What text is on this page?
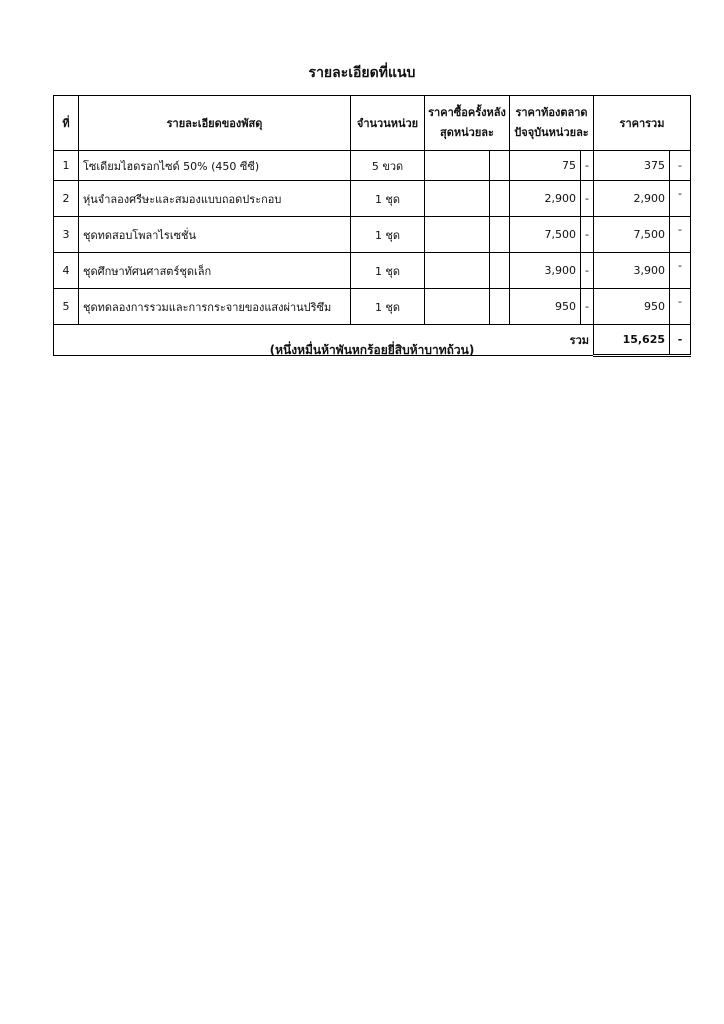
รายละเอียดที่แนบ
ที่	รายละเอียดของพัสดุ	จำนวนหน่วย	ราคาซื้อครั้งหลังสุดหน่วยละ		ราคาท้องตลาดปัจจุบันหน่วยละ		ราคารวม	
1	โซเดียมไฮดรอกไซด์ 50% (450 ซีซี)	5 ขวด			75	-	375	-
2	หุ่นจำลองศรีษะและสมองแบบถอดประกอบ	1 ชุด			2,900	-	2,900	-
3	ชุดทดสอบโพลาไรเซชั่น	1 ชุด			7,500	-	7,500	-
4	ชุดศึกษาทัศนศาสตร์ชุดเล็ก	1 ชุด			3,900	-	3,900	-
5	ชุดทดลองการรวมและการกระจายของแสงผ่านปริซึม	1 ชุด			950	-	950	-
					รวม		15,625	-
(หนึ่งหมื่นห้าพันหกร้อยยี่สิบห้าบาทถ้วน)
